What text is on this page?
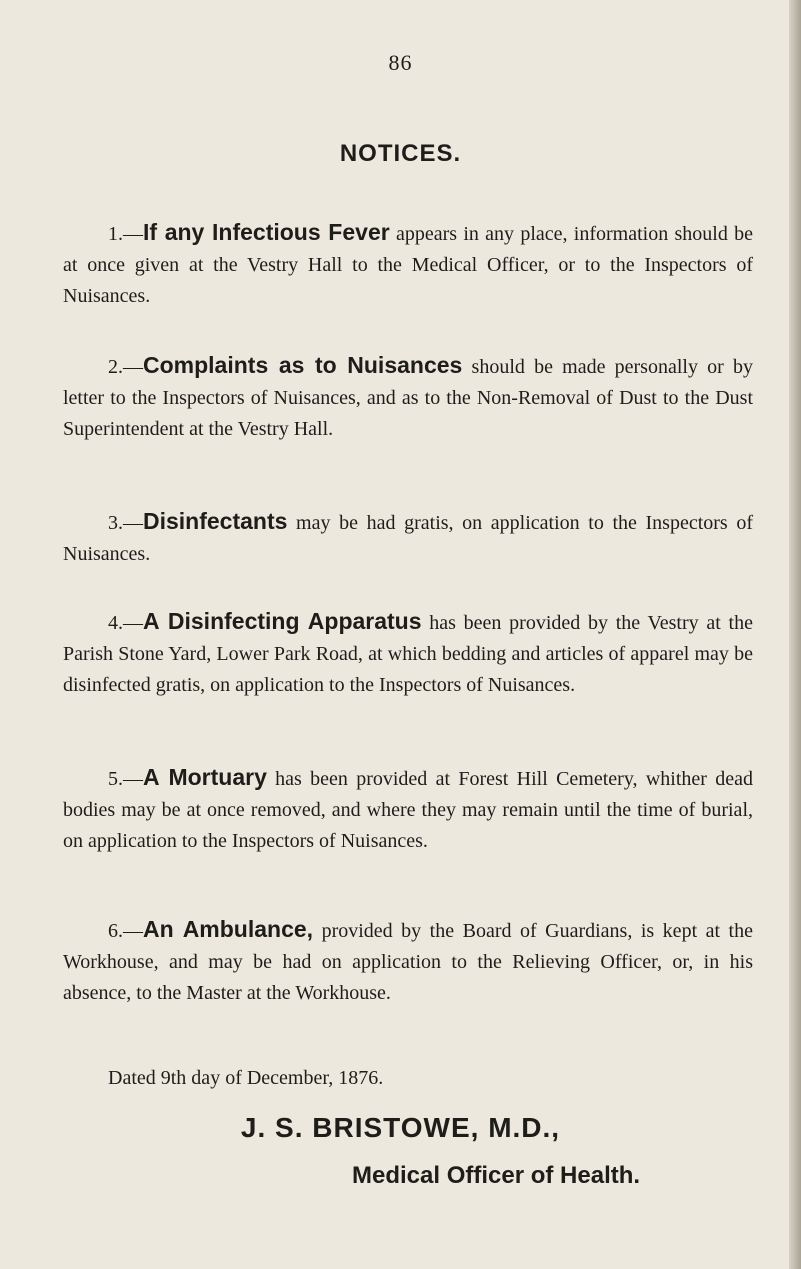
86
NOTICES.

1.—If any Infectious Fever appears in any place, information should be at once given at the Vestry Hall to the Medical Officer, or to the Inspectors of Nuisances.

2.—Complaints as to Nuisances should be made personally or by letter to the Inspectors of Nuisances, and as to the Non-Removal of Dust to the Dust Superintendent at the Vestry Hall.

3.—Disinfectants may be had gratis, on application to the Inspectors of Nuisances.

4.—A Disinfecting Apparatus has been provided by the Vestry at the Parish Stone Yard, Lower Park Road, at which bedding and articles of apparel may be disinfected gratis, on application to the Inspectors of Nuisances.

5.—A Mortuary has been provided at Forest Hill Cemetery, whither dead bodies may be at once removed, and where they may remain until the time of burial, on application to the Inspectors of Nuisances.

6.—An Ambulance, provided by the Board of Guardians, is kept at the Workhouse, and may be had on application to the Relieving Officer, or, in his absence, to the Master at the Workhouse.

Dated 9th day of December, 1876.
J. S. BRISTOWE, M.D.,
Medical Officer of Health.
